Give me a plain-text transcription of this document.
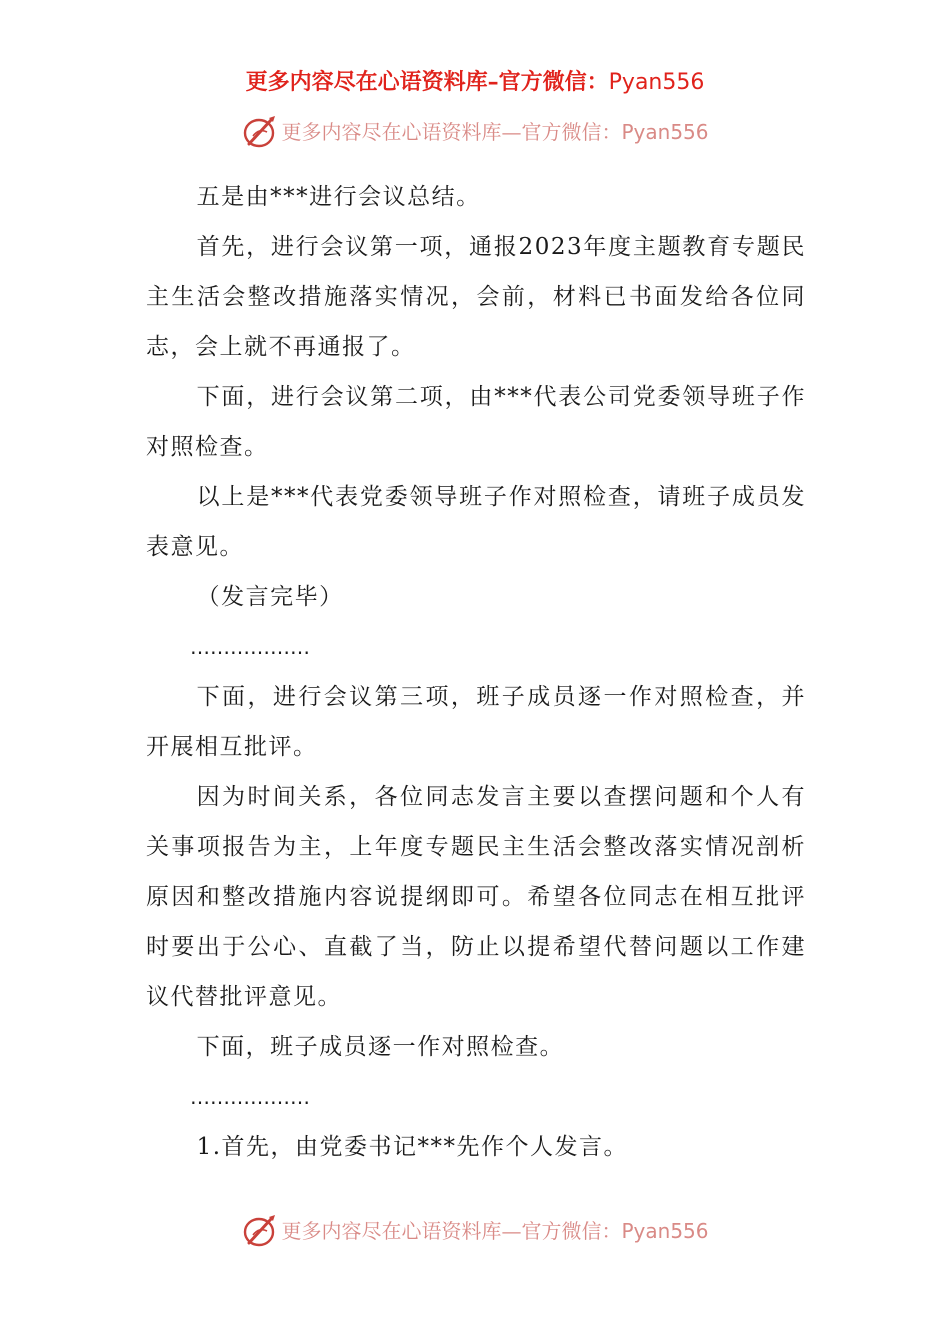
更多内容尽在心语资料库–官方微信：Pyan556
更多内容尽在心语资料库—官方微信：Pyan556

五是由***进行会议总结。

首先，进行会议第一项，通报2023年度主题教育专题民主生活会整改措施落实情况，会前，材料已书面发给各位同志，会上就不再通报了。

下面，进行会议第二项，由***代表公司党委领导班子作对照检查。

以上是***代表党委领导班子作对照检查，请班子成员发表意见。

（发言完毕）

………………

下面，进行会议第三项，班子成员逐一作对照检查，并开展相互批评。

因为时间关系，各位同志发言主要以查摆问题和个人有关事项报告为主，上年度专题民主生活会整改落实情况剖析原因和整改措施内容说提纲即可。希望各位同志在相互批评时要出于公心、直截了当，防止以提希望代替问题以工作建议代替批评意见。

下面，班子成员逐一作对照检查。

………………

1.首先，由党委书记***先作个人发言。

更多内容尽在心语资料库—官方微信：Pyan556
